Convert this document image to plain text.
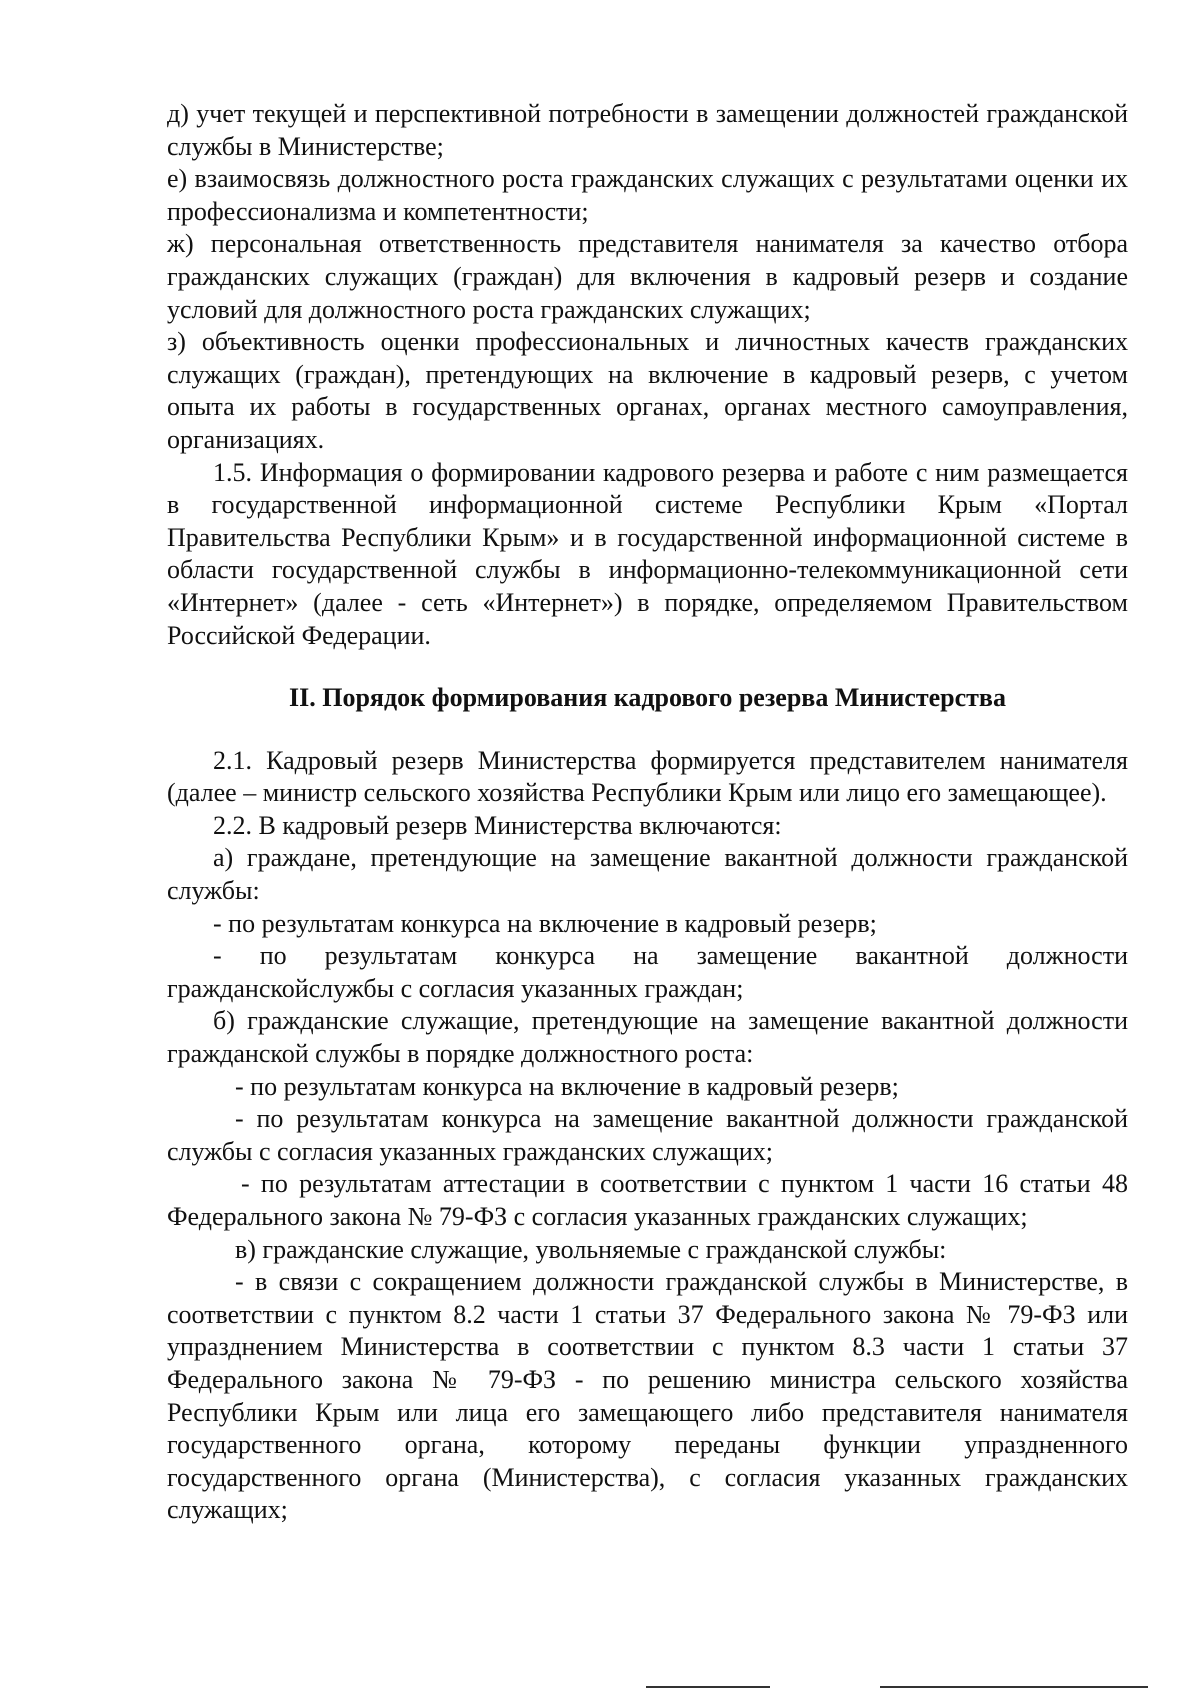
д) учет текущей и перспективной потребности в замещении должностей гражданской службы в Министерстве;

е) взаимосвязь должностного роста гражданских служащих с результатами оценки их профессионализма и компетентности;

ж) персональная ответственность представителя нанимателя за качество отбора гражданских служащих (граждан) для включения в кадровый резерв и создание условий для должностного роста гражданских служащих;

з) объективность оценки профессиональных и личностных качеств гражданских служащих (граждан), претендующих на включение в кадровый резерв, с учетом опыта их работы в государственных органах, органах местного самоуправления, организациях.

1.5. Информация о формировании кадрового резерва и работе с ним размещается в государственной информационной системе Республики Крым «Портал Правительства Республики Крым» и в государственной информационной системе в области государственной службы в информационно-телекоммуникационной сети «Интернет» (далее - сеть «Интернет») в порядке, определяемом Правительством Российской Федерации.

II. Порядок формирования кадрового резерва Министерства

2.1. Кадровый резерв Министерства формируется представителем нанимателя (далее – министр сельского хозяйства Республики Крым или лицо его замещающее).

2.2. В кадровый резерв Министерства включаются:

а) граждане, претендующие на замещение вакантной должности гражданской службы:

- по результатам конкурса на включение в кадровый резерв;

- по результатам конкурса на замещение вакантной должности гражданскойслужбы с согласия указанных граждан;

б) гражданские служащие, претендующие на замещение вакантной должности гражданской службы в порядке должностного роста:

- по результатам конкурса на включение в кадровый резерв;

- по результатам конкурса на замещение вакантной должности гражданской службы с согласия указанных гражданских служащих;

- по результатам аттестации в соответствии с пунктом 1 части 16 статьи 48 Федерального закона № 79-ФЗ с согласия указанных гражданских служащих;

в) гражданские служащие, увольняемые с гражданской службы:

- в связи с сокращением должности гражданской службы в Министерстве, в соответствии с пунктом 8.2 части 1 статьи 37 Федерального закона № 79-ФЗ или упразднением Министерства в соответствии с пунктом 8.3 части 1 статьи 37 Федерального закона № 79-ФЗ - по решению министра сельского хозяйства Республики Крым или лица его замещающего либо представителя нанимателя государственного органа, которому переданы функции упраздненного государственного органа (Министерства), с согласия указанных гражданских служащих;
